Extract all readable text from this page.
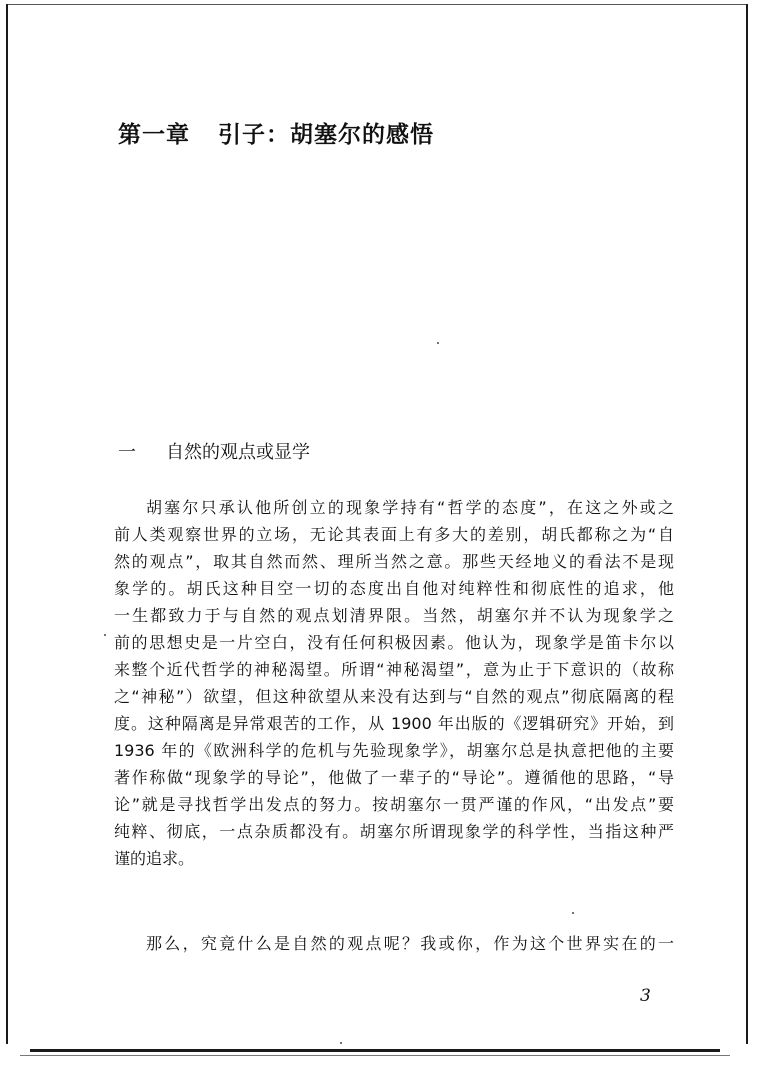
第一章 引子：胡塞尔的感悟
一 自然的观点或显学
胡塞尔只承认他所创立的现象学持有“哲学的态度”，在这之外或之
前人类观察世界的立场，无论其表面上有多大的差别，胡氏都称之为“自
然的观点”，取其自然而然、理所当然之意。那些天经地义的看法不是现
象学的。胡氏这种目空一切的态度出自他对纯粹性和彻底性的追求，他
一生都致力于与自然的观点划清界限。当然，胡塞尔并不认为现象学之
前的思想史是一片空白，没有任何积极因素。他认为，现象学是笛卡尔以
来整个近代哲学的神秘渴望。所谓“神秘渴望”，意为止于下意识的（故称
之“神秘”）欲望，但这种欲望从来没有达到与“自然的观点”彻底隔离的程
度。这种隔离是异常艰苦的工作，从 1900 年出版的《逻辑研究》开始，到
1936 年的《欧洲科学的危机与先验现象学》，胡塞尔总是执意把他的主要
著作称做“现象学的导论”，他做了一辈子的“导论”。遵循他的思路，“导
论”就是寻找哲学出发点的努力。按胡塞尔一贯严谨的作风，“出发点”要
纯粹、彻底，一点杂质都没有。胡塞尔所谓现象学的科学性，当指这种严
谨的追求。
那么，究竟什么是自然的观点呢？我或你，作为这个世界实在的一
3
